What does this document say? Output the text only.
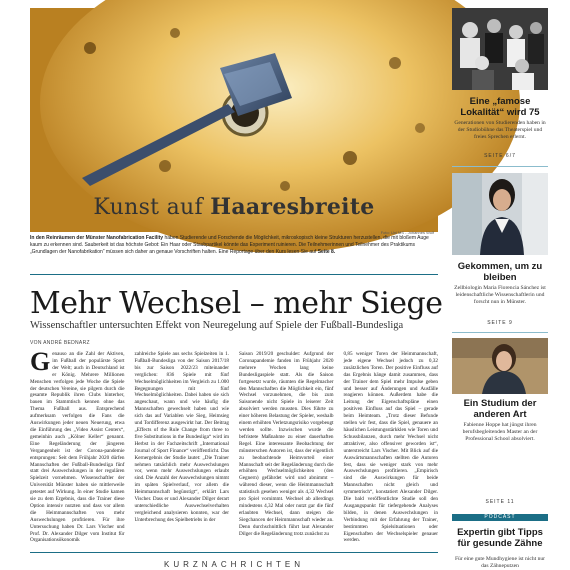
Kunst auf Haaresbreite
Foto: Uni MS - Johannes Wulf
In den Reinräumen der Münster Nanofabrication Facility haben Studierende und Forschende die Möglichkeit, mikroskopisch kleine Strukturen herzustellen, die mit bloßem Auge kaum zu erkennen sind. Sauberkeit ist das höchste Gebot: Ein Haar oder Staubpartikel könnte das Experiment ruinieren. Die Teilnehmerinnen und Teilnehmer des Praktikums „Grundlagen der Nanofabrikation“ müssen sich daher an genaue Vorschriften halten. Eine Reportage über den Kurs lesen Sie auf Seite 8.
Mehr Wechsel – mehr Siege
Wissenschaftler untersuchten Effekt von Neuregelung auf Spiele der Fußball-Bundesliga
VON ANDRÉ BEDNARZ
Genauso an die Zahl der Aktiven, im Fußball der populärste Sport der Welt; auch in Deutschland ist er König. Mehrere Millionen Menschen verfolgen jede Woche die Spiele der deutschen Vereine, sie pilgern durch die gesamte Republik ihren Clubs hinterher, bauen im Stammtisch kennen ohne das Thema Fußball aus. Entsprechend aufmerksam verfolgen die Fans die Auswirkungen jeder neuen Neuerung, etwa die Einführung des „Video Assist Centers“, gemeinhin auch „Kölner Keller“ genannt. Eine Regeländerung der jüngeren Vergangenheit ist der Corona-pandemie entsprungen: Seit dem Frühjahr 2020 dürfen Mannschaften der Fußball-Bundesliga fünf statt drei Auswechslungen in der regulären Spielzeit vornehmen. Wissenschaftler der Universität Münster haben sie mittlerweile getestet auf Wirkung. In einer Studie kamen sie zu dem Ergebnis, dass die Trainer diese Option intensiv nutzten und dass vor allem die Heimmannschaften von mehr Auswechslungen profitieren. Für ihre Untersuchung haben Dr. Lars Vischer und Prof. Dr. Alexander Dilger vom Institut für Organisationsökonomik
zahlreiche Spiele aus sechs Spielzeiten in 1. Fußball-Bundesliga von der Saison 2017/18 bis zur Saison 2022/23 miteinander verglichen: 836 Spiele mit fünf Wechselmöglichkeiten im Vergleich zu 1.000 Begegnungen mit fünf Wechselmöglichkeiten. Dabei haben sie sich angeschaut, wann und wie häufig die Mannschaften gewechselt haben und wie sich das auf Variablen wie Sieg, Heimsieg und Tordifferenz ausgewirkt hat. Der Beitrag „Effects of the Rule Change from three to five Substitutions in the Bundesliga“ wird im Herbst in der Fachzeitschrift „International Journal of Sport Finance“ veröffentlicht. Das Kernergebnis der Studie lautet: „Die Trainer nehmen tatsächlich mehr Auswechslungen vor, wenn mehr Auswechslungen erlaubt sind. Die Anzahl der Auswechslungen nimmt im späten Spielverlauf, vor allem die Heimmannschaft begünstigt“, erklärt Lars Vischer. Dass er und Alexander Dilger derart unterschiedliche Auswechselverhalten vergleichend analysieren konnten, war der Unterbrechung des Spielbetriebs in der
Saison 2019/20 geschuldet: Aufgrund der Coronapandemie fanden im Frühjahr 2020 mehrere Wochen lang keine Bundesligaspiele statt. Als die Saison fortgesetzt wurde, räumten die Regelmacher den Mannschaften die Möglichkeit ein, fünf Wechsel vorzunehmen, die bis zum Saisonende nicht Spiele in leiserer Zeit absolviert werden mussten. Dies führte zu einer höheren Belastung der Spieler, weshalb einem erhöhten Verletzungsrisiko vorgebeugt werden sollte. Inzwischen wurde die befristete Maßnahme zu einer dauerhaften Regel. Eine interessante Beobachtung der münsterschen Autoren ist, dass der eigentlich zu beobachtende Heimvorteil einer Mannschaft seit der Regeländerung durch die erhöhten Wechselmöglichkeiten (den Gegnern) gefährdet wird und abnimmt – während dieser, wenn die Heimmannschaft statistisch gesehen weniger als 4,32 Wechsel pro Spiel vornimmt. Wechsel ab allerdings mindestens 4,32 Mal oder nutzt gar die fünf erlaubten Wechsel, dann steigen die Siegchancen der Heimmannschaft wieder an. Denn durchschnittlich führt laut Alexander Dilger die Regeländerung trotz zunächst zu
0,85 weniger Toren der Heimmannschaft, jede eigene Wechsel jedoch zu 0,32 zusätzlichen Toren. Der positive Einfluss auf das Ergebnis hänge damit zusammen, dass der Trainer dem Spiel mehr Impulse geben und besser auf Änderungen und Ausfälle reagieren können. Außerdem habe die Leitung der Eigenschaftspläne einen positiven Einfluss auf das Spiel – gerade beim Heimteam. „Trotz dieser Befunde stellen wir fest, dass die Spiel, genauere an häuslichen Leistungsstärkklen wie Toren und Schussbilanzen, durch mehr Wechsel nicht attraktiver, also offensiver geworden ist“, unterstreicht Lars Vischer. Mit Blick auf die Auswärtsmannschaften stellten die Autoren fest, dass sie weniger stark von mehr Auswechslungen profitieren. „Empirisch sind die Auswirkungen für beide Mannschaften nicht gleich und symmetrisch“, konstatiert Alexander Dilger. Die bald veröffentlichte Studie soll den Ausgangspunkt für tiefergehende Analyses bilden, in denen Auswechslungen in Verbindung mit der Erfahrung der Trainer, bestimmten Spielsituationen oder Eigenschaften der Wechselspieler genauer werden.
KURZNACHRICHTEN
Eine „famose Lokalität“ wird 75
Generationen von Studierenden haben in der Studiobühne das Theaterspiel und freies Sprechen erlernt.
SEITE 6/7
Gekommen, um zu bleiben
Zellbiologin Maria Florencia Sánchez ist leidenschaftliche Wissenschaftlerin und forscht nun in Münster.
SEITE 9
Ein Studium der anderen Art
Fabienne Hoppe hat jüngst ihren berufsbegleitenden Master an der Professional School absolviert.
SEITE 11
PODCAST
Expertin gibt Tipps für gesunde Zähne
Für eine gute Mundhygiene ist nicht nur das Zähneputzen
